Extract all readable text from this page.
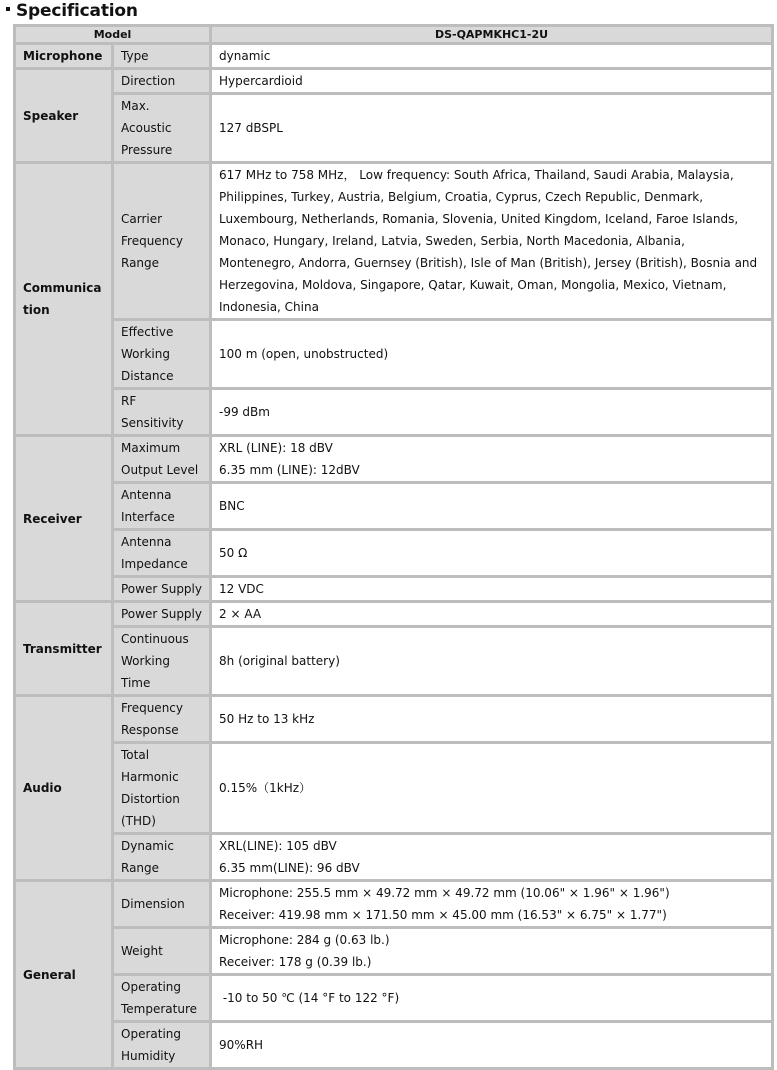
Specification
Model		DS-QAPMKHC1-2U
Microphone	Type	dynamic

Speaker	Direction	Hypercardioid

	Max. Acoustic Pressure	127 dBSPL

Communication	Carrier Frequency Range	617 MHz to 758 MHz， Low frequency: South Africa, Thailand, Saudi Arabia, Malaysia, Philippines, Turkey, Austria, Belgium, Croatia, Cyprus, Czech Republic, Denmark, Luxembourg, Netherlands, Romania, Slovenia, United Kingdom, Iceland, Faroe Islands, Monaco, Hungary, Ireland, Latvia, Sweden, Serbia, North Macedonia, Albania, Montenegro, Andorra, Guernsey (British), Isle of Man (British), Jersey (British), Bosnia and Herzegovina, Moldova, Singapore, Qatar, Kuwait, Oman, Mongolia, Mexico, Vietnam, Indonesia, China

	Effective Working Distance	100 m (open, unobstructed)

	RF Sensitivity	-99 dBm

Receiver	Maximum Output Level	XRL (LINE): 18 dBV
6.35 mm (LINE): 12dBV

	Antenna Interface	BNC

	Antenna Impedance	50 Ω

	Power Supply	12 VDC

Transmitter	Power Supply	2 × AA

	Continuous Working Time	8h (original battery)

Audio	Frequency Response	50 Hz to 13 kHz

	Total Harmonic Distortion (THD)	0.15%（1kHz）

	Dynamic Range	XRL(LINE): 105 dBV
6.35 mm(LINE): 96 dBV

General	Dimension	Microphone: 255.5 mm × 49.72 mm × 49.72 mm (10.06" × 1.96" × 1.96")
Receiver: 419.98 mm × 171.50 mm × 45.00 mm (16.53" × 6.75" × 1.77")

	Weight	Microphone: 284 g (0.63 lb.)
Receiver: 178 g (0.39 lb.)

	Operating Temperature	-10 to 50 ℃ (14 °F to 122 °F)

	Operating Humidity	90%RH
